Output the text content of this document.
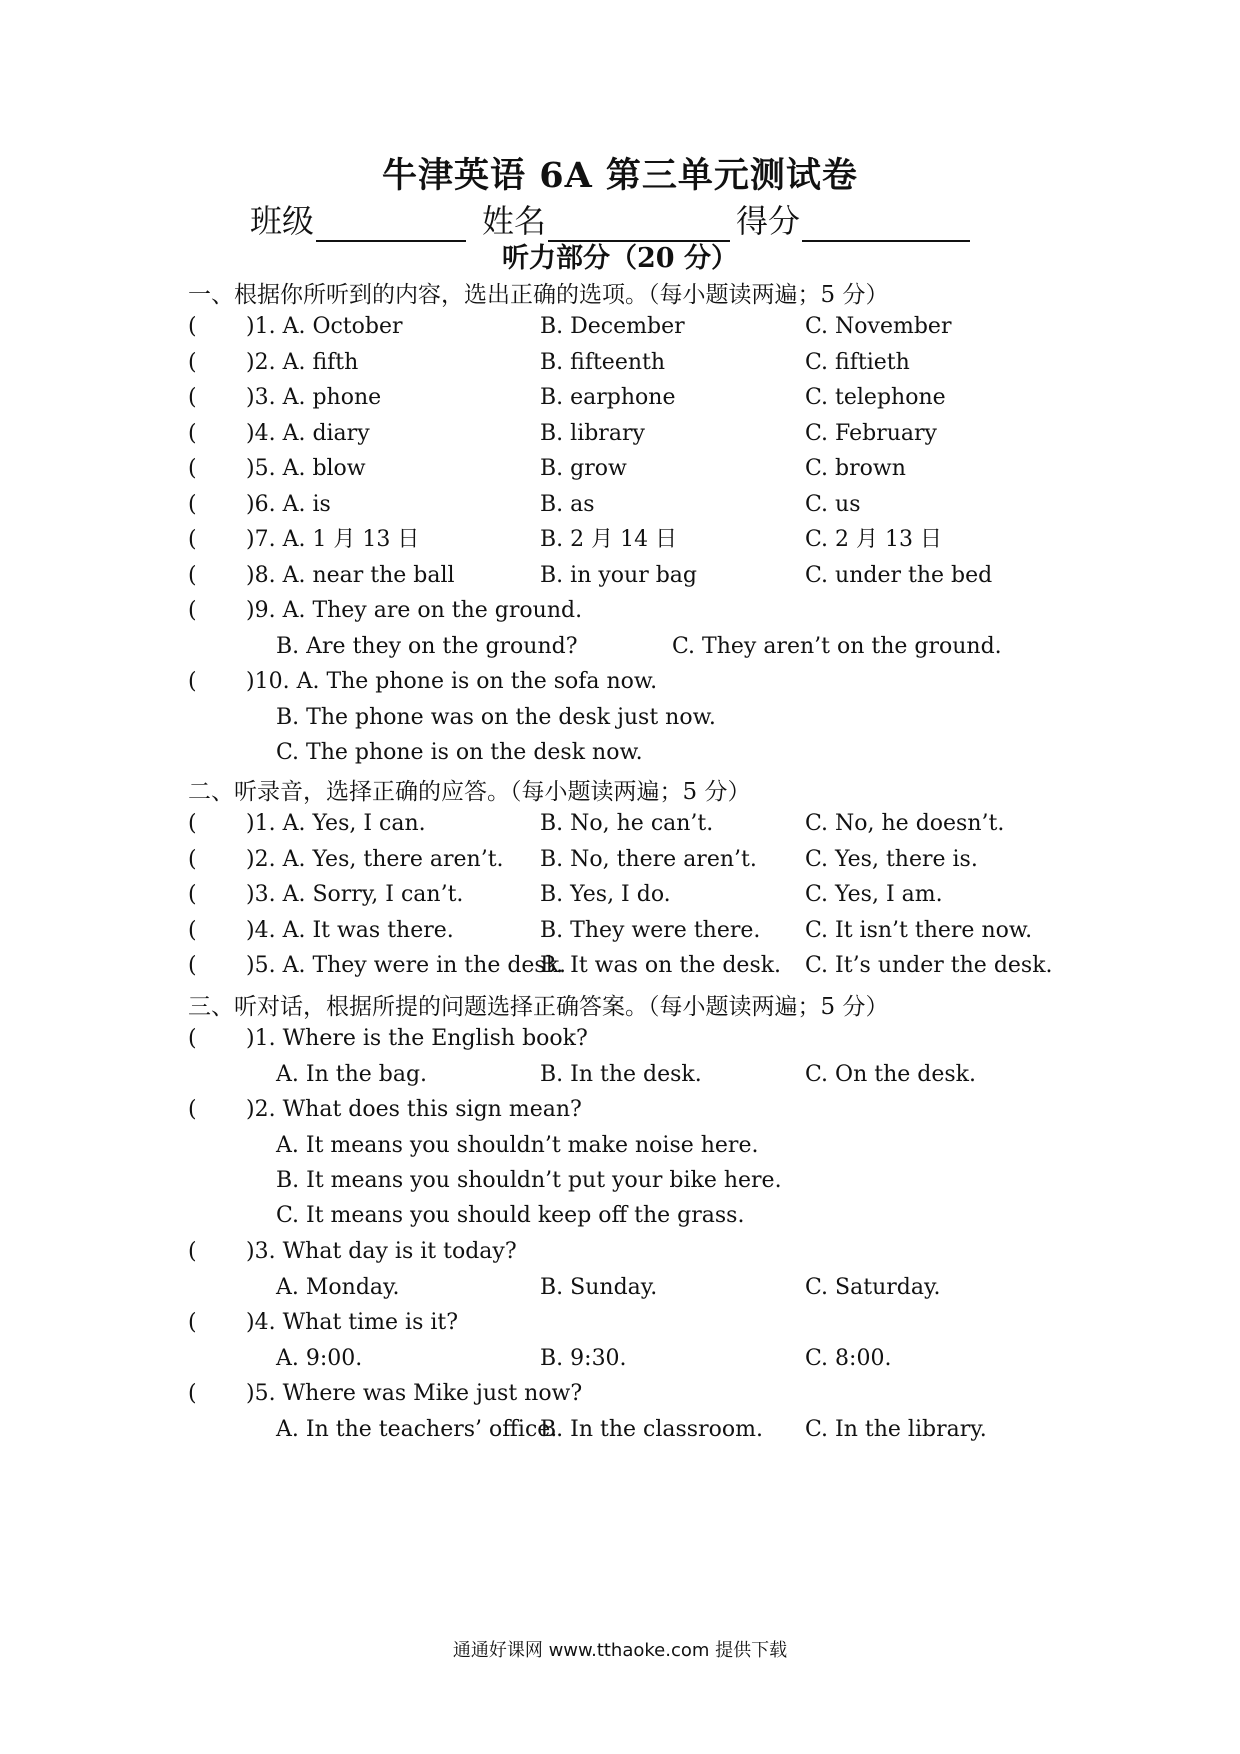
牛津英语 6A 第三单元测试卷
班级	姓名	得分
听力部分（20 分）
一、根据你所听到的内容，选出正确的选项。（每小题读两遍；5 分）
( )1. A. October	B. December	C. November
( )2. A. fifth	B. fifteenth	C. fiftieth
( )3. A. phone	B. earphone	C. telephone
( )4. A. diary	B. library	C. February
( )5. A. blow	B. grow	C. brown
( )6. A. is	B. as	C. us
( )7. A. 1 月 13 日	B. 2 月 14 日	C. 2 月 13 日
( )8. A. near the ball	B. in your bag	C. under the bed
( )9. A. They are on the ground.
B. Are they on the ground?	C. They aren’t on the ground.
( )10. A. The phone is on the sofa now.
B. The phone was on the desk just now.
C. The phone is on the desk now.
二、听录音，选择正确的应答。（每小题读两遍；5 分）
( )1. A. Yes, I can.	B. No, he can’t.	C. No, he doesn’t.
( )2. A. Yes, there aren’t. B. No, there aren’t. C. Yes, there is.
( )3. A. Sorry, I can’t.	B. Yes, I do.	C. Yes, I am.
( )4. A. It was there.	B. They were there. C. It isn’t there now.
( )5. A. They were in the desk.
B. It was on the desk. C. It’s under the desk.
三、听对话，根据所提的问题选择正确答案。（每小题读两遍；5 分）
( )1. Where is the English book?
A. In the bag.	B. In the desk.	C. On the desk.
( )2. What does this sign mean?
A. It means you shouldn’t make noise here.
B. It means you shouldn’t put your bike here.
C. It means you should keep off the grass.
( )3. What day is it today?
A. Monday.	B. Sunday.	C. Saturday.
( )4. What time is it?
A. 9:00.	B. 9:30.	C. 8:00.
( )5. Where was Mike just now?
A. In the teachers’ office.
B. In the classroom. C. In the library.
通通好课网 www.tthaoke.com 提供下载
